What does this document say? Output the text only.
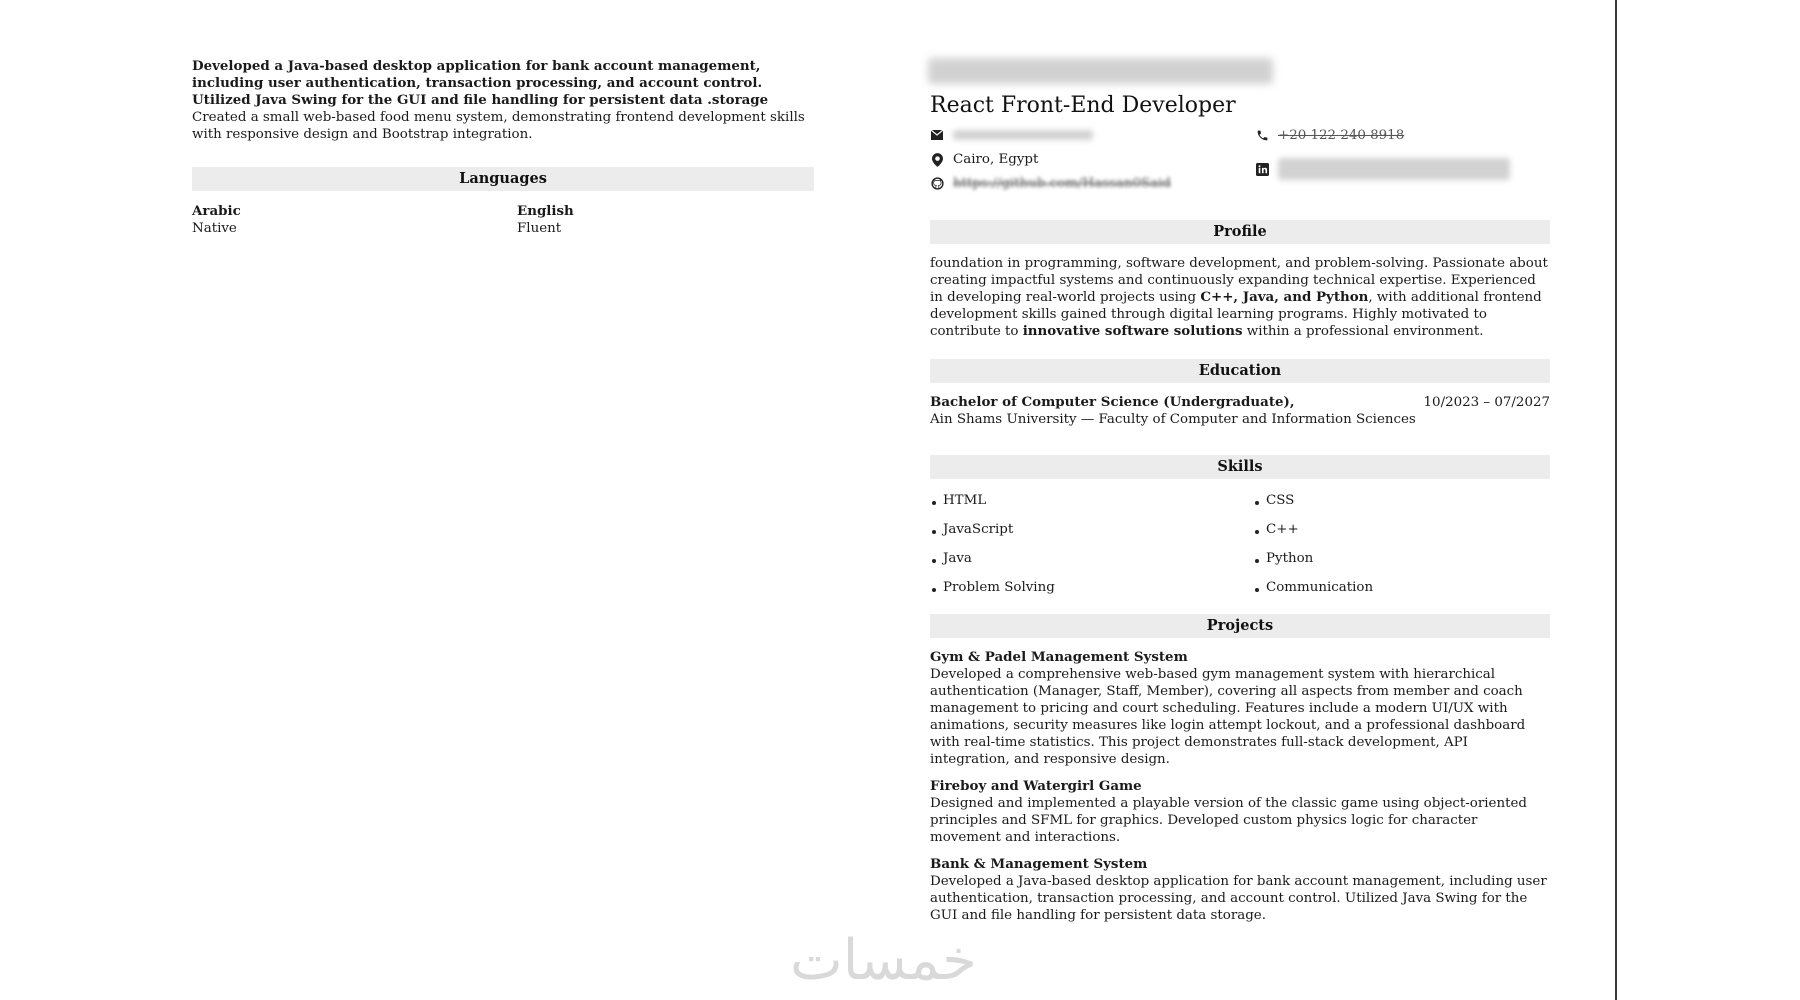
Developed a Java-based desktop application for bank account management, including user authentication, transaction processing, and account control. Utilized Java Swing for the GUI and file handling for persistent data .storage

Created a small web-based food menu system, demonstrating frontend development skills with responsive design and Bootstrap integration.

Languages

Arabic

Native

English

Fluent

React Front-End Developer
+20 122 240 8918
Cairo, Egypt
https://github.com/Hassan0Said
Profile

foundation in programming, software development, and problem-solving. Passionate about creating impactful systems and continuously expanding technical expertise. Experienced in developing real-world projects using C++, Java, and Python, with additional frontend development skills gained through digital learning programs. Highly motivated to contribute to innovative software solutions within a professional environment.

Education

Bachelor of Computer Science (Undergraduate),	10/2023 – 07/2027

Ain Shams University — Faculty of Computer and Information Sciences

Skills
HTML	CSS
JavaScript	C++
Java	Python
Problem Solving	Communication
Projects

Gym & Padel Management System

Developed a comprehensive web-based gym management system with hierarchical authentication (Manager, Staff, Member), covering all aspects from member and coach management to pricing and court scheduling. Features include a modern UI/UX with animations, security measures like login attempt lockout, and a professional dashboard with real-time statistics. This project demonstrates full-stack development, API integration, and responsive design.

Fireboy and Watergirl Game

Designed and implemented a playable version of the classic game using object-oriented principles and SFML for graphics. Developed custom physics logic for character movement and interactions.

Bank & Management System

Developed a Java-based desktop application for bank account management, including user authentication, transaction processing, and account control. Utilized Java Swing for the GUI and file handling for persistent data storage.

خمسات
